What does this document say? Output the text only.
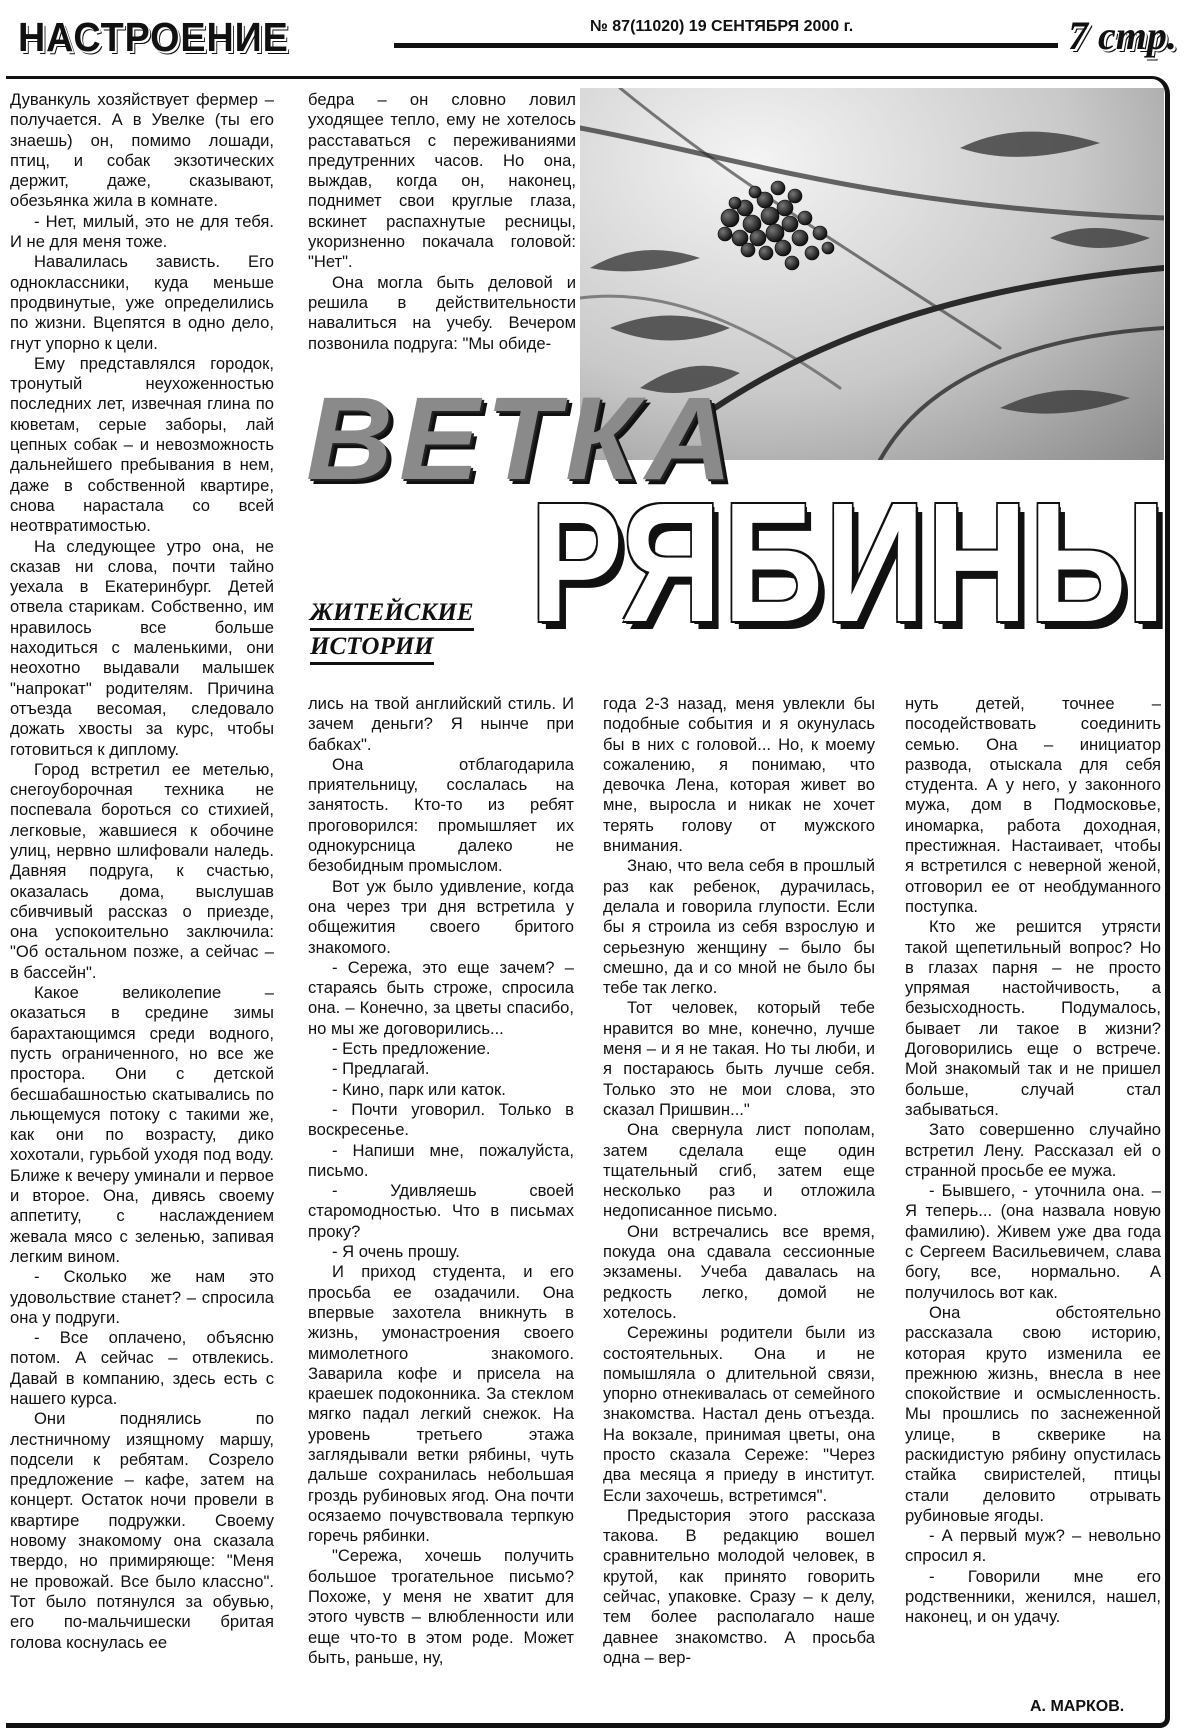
НАСТРОЕНИЕ	№ 87(11020) 19 СЕНТЯБРЯ 2000 г.	7 стр.
ВЕТКА
РЯБИНЫ
ЖИТЕЙСКИЕ
ИСТОРИИ

Дуванкуль хозяйствует фермер – получается. А в Увелке (ты его знаешь) он, помимо лошади, птиц, и собак экзотических держит, даже, сказывают, обезьянка жила в комнате.

- Нет, милый, это не для тебя. И не для меня тоже.

Навалилась зависть. Его одноклассники, куда меньше продвинутые, уже определились по жизни. Вцепятся в одно дело, гнут упорно к цели.

Ему представлялся городок, тронутый неухоженностью последних лет, извечная глина по кюветам, серые заборы, лай цепных собак – и невозможность дальнейшего пребывания в нем, даже в собственной квартире, снова нарастала со всей неотвратимостью.

На следующее утро она, не сказав ни слова, почти тайно уехала в Екатеринбург. Детей отвела старикам. Собственно, им нравилось все больше находиться с маленькими, они неохотно выдавали малышек "напрокат" родителям. Причина отъезда весомая, следовало дожать хвосты за курс, чтобы готовиться к диплому.

Город встретил ее метелью, снегоуборочная техника не поспевала бороться со стихией, легковые, жавшиеся к обочине улиц, нервно шлифовали наледь. Давняя подруга, к счастью, оказалась дома, выслушав сбивчивый рассказ о приезде, она успокоительно заключила: "Об остальном позже, а сейчас – в бассейн".

Какое великолепие – оказаться в средине зимы барахтающимся среди водного, пусть ограниченного, но все же простора. Они с детской бесшабашностью скатывались по льющемуся потоку с такими же, как они по возрасту, дико хохотали, гурьбой уходя под воду. Ближе к вечеру уминали и первое и второе. Она, дивясь своему аппетиту, с наслаждением жевала мясо с зеленью, запивая легким вином.

- Сколько же нам это удовольствие станет? – спросила она у подруги.

- Все оплачено, объясню потом. А сейчас – отвлекись. Давай в компанию, здесь есть с нашего курса.

Они поднялись по лестничному изящному маршу, подсели к ребятам. Созрело предложение – кафе, затем на концерт. Остаток ночи провели в квартире подружки. Своему новому знакомому она сказала твердо, но примиряюще: "Меня не провожай. Все было классно". Тот было потянулся за обувью, его по-мальчишески бритая голова коснулась ее

бедра – он словно ловил уходящее тепло, ему не хотелось расставаться с переживаниями предутренних часов. Но она, выждав, когда он, наконец, поднимет свои круглые глаза, вскинет распахнутые ресницы, укоризненно покачала головой: "Нет".

Она могла быть деловой и решила в действительности навалиться на учебу. Вечером позвонила подруга: "Мы обиде-

лись на твой английский стиль. И зачем деньги? Я нынче при бабках".

Она отблагодарила приятельницу, сослалась на занятость. Кто-то из ребят проговорился: промышляет их однокурсница далеко не безобидным промыслом.

Вот уж было удивление, когда она через три дня встретила у общежития своего бритого знакомого.

- Сережа, это еще зачем? – стараясь быть строже, спросила она. – Конечно, за цветы спасибо, но мы же договорились...

- Есть предложение.

- Предлагай.

- Кино, парк или каток.

- Почти уговорил. Только в воскресенье.

- Напиши мне, пожалуйста, письмо.

- Удивляешь своей старомодностью. Что в письмах проку?

- Я очень прошу.

И приход студента, и его просьба ее озадачили. Она впервые захотела вникнуть в жизнь, умонастроения своего мимолетного знакомого. Заварила кофе и присела на краешек подоконника. За стеклом мягко падал легкий снежок. На уровень третьего этажа заглядывали ветки рябины, чуть дальше сохранилась небольшая гроздь рубиновых ягод. Она почти осязаемо почувствовала терпкую горечь рябинки.

"Сережа, хочешь получить большое трогательное письмо? Похоже, у меня не хватит для этого чувств – влюбленности или еще что-то в этом роде. Может быть, раньше, ну,

года 2-3 назад, меня увлекли бы подобные события и я окунулась бы в них с головой... Но, к моему сожалению, я понимаю, что девочка Лена, которая живет во мне, выросла и никак не хочет терять голову от мужского внимания.

Знаю, что вела себя в прошлый раз как ребенок, дурачилась, делала и говорила глупости. Если бы я строила из себя взрослую и серьезную женщину – было бы смешно, да и со мной не было бы тебе так легко.

Тот человек, который тебе нравится во мне, конечно, лучше меня – и я не такая. Но ты люби, и я постараюсь быть лучше себя. Только это не мои слова, это сказал Пришвин..."

Она свернула лист пополам, затем сделала еще один тщательный сгиб, затем еще несколько раз и отложила недописанное письмо.

Они встречались все время, покуда она сдавала сессионные экзамены. Учеба давалась на редкость легко, домой не хотелось.

Сережины родители были из состоятельных. Она и не помышляла о длительной связи, упорно отнекивалась от семейного знакомства. Настал день отъезда. На вокзале, принимая цветы, она просто сказала Сереже: "Через два месяца я приеду в институт. Если захочешь, встретимся".

Предыстория этого рассказа такова. В редакцию вошел сравнительно молодой человек, в крутой, как принято говорить сейчас, упаковке. Сразу – к делу, тем более располагало наше давнее знакомство. А просьба одна – вер-

нуть детей, точнее – посодействовать соединить семью. Она – инициатор развода, отыскала для себя студента. А у него, у законного мужа, дом в Подмосковье, иномарка, работа доходная, престижная. Настаивает, чтобы я встретился с неверной женой, отговорил ее от необдуманного поступка.

Кто же решится утрясти такой щепетильный вопрос? Но в глазах парня – не просто упрямая настойчивость, а безысходность. Подумалось, бывает ли такое в жизни? Договорились еще о встрече. Мой знакомый так и не пришел больше, случай стал забываться.

Зато совершенно случайно встретил Лену. Рассказал ей о странной просьбе ее мужа.

- Бывшего, - уточнила она. – Я теперь... (она назвала новую фамилию). Живем уже два года с Сергеем Васильевичем, слава богу, все, нормально. А получилось вот как.

Она обстоятельно рассказала свою историю, которая круто изменила ее прежнюю жизнь, внесла в нее спокойствие и осмысленность. Мы прошлись по заснеженной улице, в скверике на раскидистую рябину опустилась стайка свиристелей, птицы стали деловито отрывать рубиновые ягоды.

- А первый муж? – невольно спросил я.

- Говорили мне его родственники, женился, нашел, наконец, и он удачу.

А. МАРКОВ.
